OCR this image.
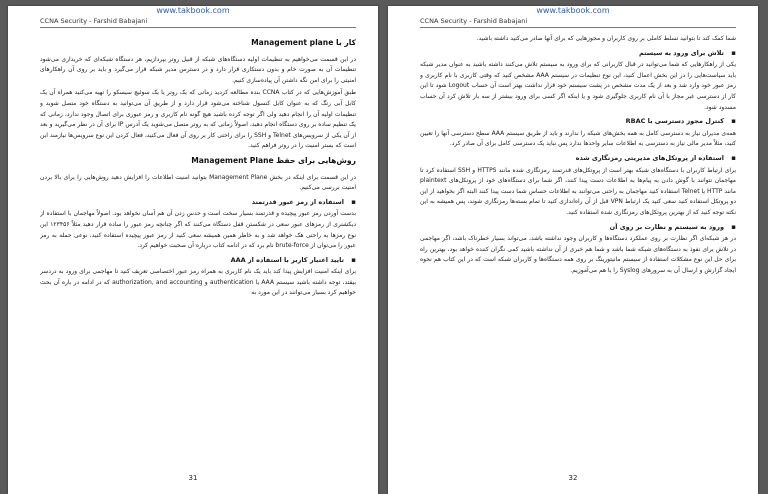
www.takbook.com
CCNA Security - Farshid Babajani
کار با Management plane

در این قسمت می‌خواهیم به تنظیمات اولیه دستگاه‌های شبکه از قبیل روتر بپردازیم، هر دستگاه شبکه‌ای که خریداری می‌شود تنظیمات آن به صورت خام و بدون دستکاری قرار دارد و در دسترس مدیر شبکه قرار می‌گیرد و باید بر روی آن راهکارهای امنیتی را برای امن نگه داشتن آن پیاده‌سازی کنیم.

طبق آموزش‌هایی که در کتاب CCNA بنده مطالعه کردید زمانی که یک روتر یا یک سوئیچ سیسکو را تهیه می‌کنید همراه آن یک کابل آبی رنگ که به عنوان کابل کنسول شناخته می‌شود قرار دارد و از طریق آن می‌توانید به دستگاه خود متصل شوید و تنظیمات اولیه آن را انجام دهید ولی اگر توجه کرده باشید هیچ گونه نام کاربری و رمز عبوری برای اتصال وجود ندارد، زمانی که یک تنظیم ساده بر روی دستگاه انجام دهید، اصولاً زمانی که به روتر متصل می‌شوید یک آدرس IP برای آن در نظر می‌گیرید و بعد از آن یکی از سرویس‌های Telnet و SSH را برای راحتی کار بر روی آن فعال می‌کنید، فعال کردن این نوع سرویس‌ها نیازمند این است که بستر امنیت را در روتر فراهم کنید.

روش‌هایی برای حفظ Management Plane

در این قسمت برای اینکه در بخش Management Plane بتوانید امنیت اطلاعات را افزایش دهید روش‌هایی را برای بالا بردن امنیت بررسی می‌کنیم.

▪ استفاده از رمز عبور قدرتمند

بدست آوردن رمز عبور پیچیده و قدرتمند بسیار سخت است و حدس زدن آن هم آسان نخواهد بود. اصولاً مهاجمان با استفاده از دیکشنری از رمزهای عبور سعی در شکستن قفل دستگاه می‌کنند که اگر چنانچه رمز عبور را ساده قرار دهید مثلاً ۱۲۳۴۵۶ این نوع رمزها به راحتی هک خواهد شد و به خاطر همین همیشه سعی کنید از رمز عبور پیچیده استفاده کنید، نوعی حمله به رمز عبور را می‌توان از brute-force نام برد که در ادامه کتاب درباره آن صحبت خواهیم کرد.

▪ تایید اعتبار کاربر با استفاده از AAA

برای اینکه امنیت افزایش پیدا کند باید یک نام کاربری به همراه رمز عبور اختصاصی تعریف کنید تا مهاجمی برای ورود به دردسر بیفتد، توجه داشته باشید سیستم AAA یا authentication و authorization, and accounting که در ادامه در باره آن بحث خواهیم کرد بسیار می‌توانند در این مورد به

31
www.takbook.com
CCNA Security - Farshid Babajani

شما کمک کند تا بتوانید تسلط کاملی بر روی کاربران و مجوزهایی که برای آنها صادر می‌کنید داشته باشید.

▪ تلاش برای ورود به سیستم

یکی از راهکارهایی که شما می‌توانید در قبال کاربرانی که برای ورود به سیستم تلاش می‌کنند داشته باشید به عنوان مدیر شبکه باید سیاست‌هایی را در این بخش اعمال کنید، این نوع تنظیمات در سیستم AAA مشخص کنید که وقتی کاربری با نام کاربری و رمز عبور خود وارد شد و بعد از یک مدت مشخص در پشت سیستم خود قرار نداشت بهتر است آن حساب Logout شود تا این کار از دسترسی غیر مجاز با آن نام کاربری جلوگیری شود و یا اینکه اگر کسی برای ورود بیشتر از سه بار تلاش کرد آن حساب مسدود شود.

▪ کنترل مجوز دسترسی با RBAC

همه‌ی مدیران نیاز به دسترسی کامل به همه بخش‌های شبکه را ندارند و باید از طریق سیستم AAA سطح دسترسی آنها را تعیین کنید، مثلاً مدیر مالی نیاز به دسترسی به اطلاعات سایر واحدها ندارد پس نباید یک دسترسی کامل برای آن صادر کرد.

▪ استفاده از پروتکل‌های مدیریتی رمزنگاری شده

برای ارتباط کاربران با دستگاه‌های شبکه بهتر است از پروتکل‌های قدرتمند رمزنگاری شده مانند HTTPS و SSH استفاده کرد تا مهاجمان نتوانند با گوش دادن به پیام‌ها به اطلاعات دست پیدا کنند، اگر شما برای دستگاه‌های خود از پروتکل‌های plaintext مانند HTTP یا Telnet استفاده کنید مهاجمان به راحتی می‌توانند به اطلاعات حساس شما دست پیدا کنند البته اگر بخواهید از این دو پروتکل استفاده کنید سعی کنید یک ارتباط VPN قبل از آن راه‌اندازی کنید تا تمام بسته‌ها رمزنگاری شوند، پس همیشه به این نکته توجه کنید که از بهترین پروتکل‌های رمزنگاری شده استفاده کنید.

▪ ورود به سیستم و نظارت بر روی آن

در هر شبکه‌ای اگر نظارت بر روی عملکرد دستگاه‌ها و کاربران وجود نداشته باشد، می‌تواند بسیار خطرناک باشد، اگر مهاجمی در تلاش برای نفوذ به دستگاه‌های شبکه شما باشد و شما هم خبری از آن نداشته باشید کمی نگران کننده خواهد بود، بهترین راه برای حل این نوع مشکلات استفاده از سیستم مانیتورینگ بر روی همه دستگاه‌ها و کاربران شبکه است که در این کتاب هم نحوه ایجاد گزارش و ارسال آن به سرورهای Syslog را با هم می‌آموزیم.

32
